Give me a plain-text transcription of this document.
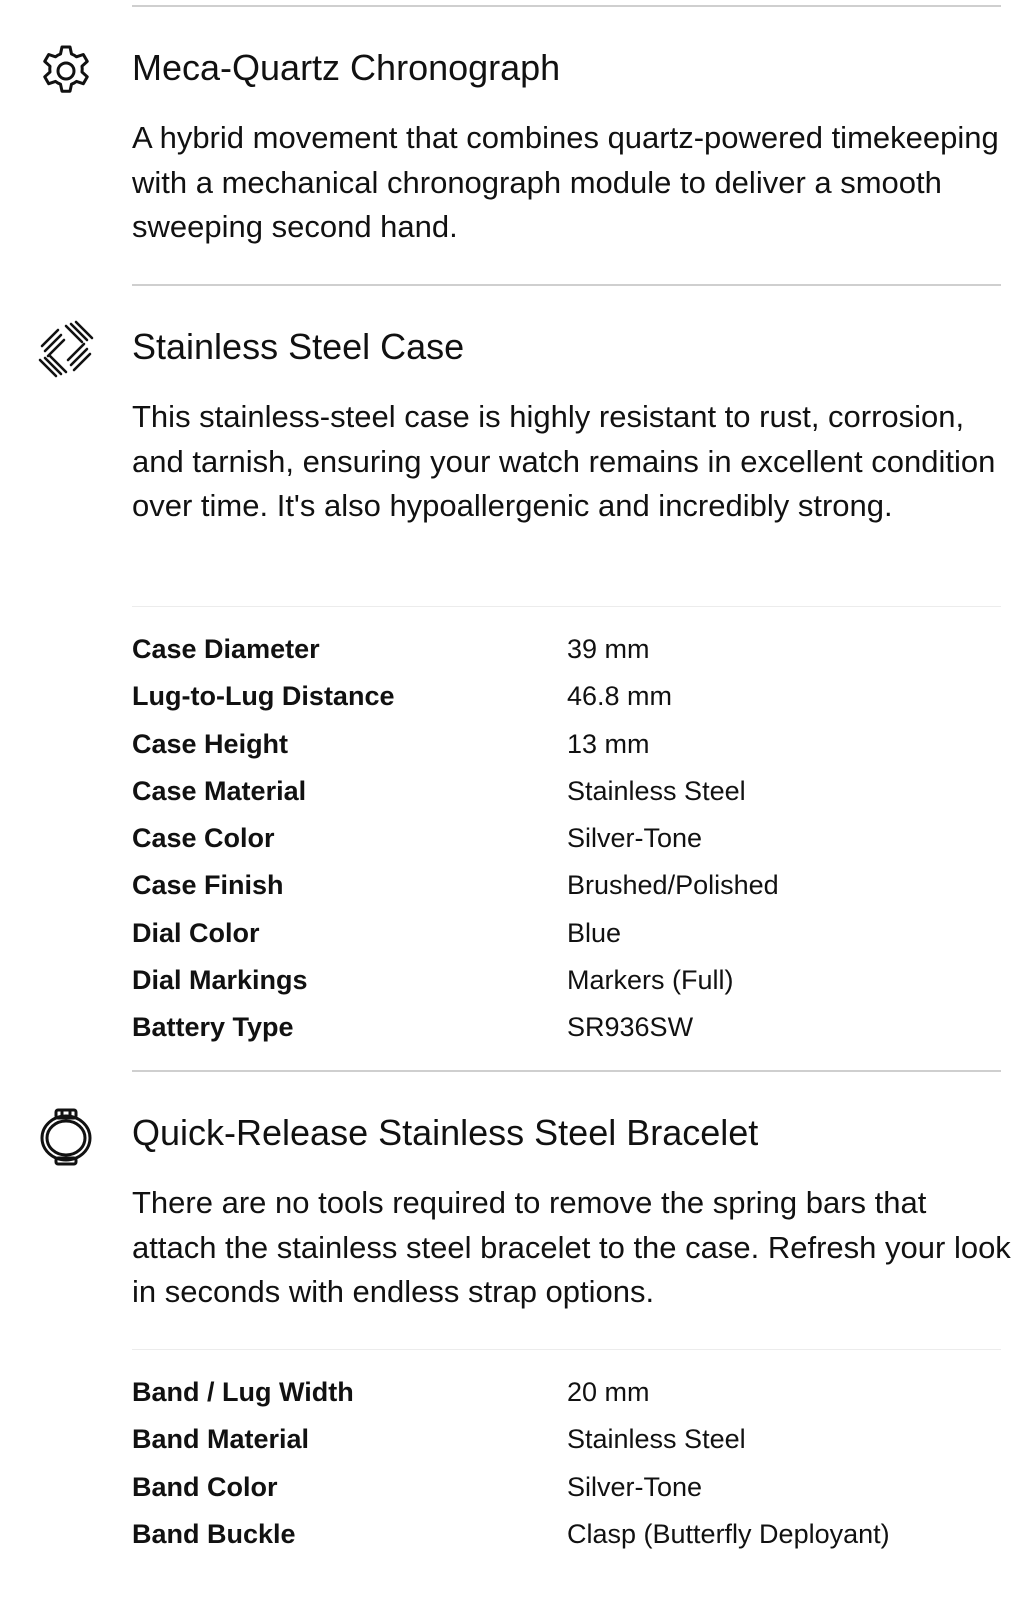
Meca-Quartz Chronograph
A hybrid movement that combines quartz-powered timekeeping with a mechanical chronograph module to deliver a smooth sweeping second hand.
Stainless Steel Case
This stainless-steel case is highly resistant to rust, corrosion, and tarnish, ensuring your watch remains in excellent condition over time. It's also hypoallergenic and incredibly strong.
Case Diameter	39 mm
Lug-to-Lug Distance	46.8 mm
Case Height	13 mm
Case Material	Stainless Steel
Case Color	Silver-Tone
Case Finish	Brushed/Polished
Dial Color	Blue
Dial Markings	Markers (Full)
Battery Type	SR936SW
Quick-Release Stainless Steel Bracelet
There are no tools required to remove the spring bars that attach the stainless steel bracelet to the case. Refresh your look in seconds with endless strap options.
Band / Lug Width	20 mm
Band Material	Stainless Steel
Band Color	Silver-Tone
Band Buckle	Clasp (Butterfly Deployant)
